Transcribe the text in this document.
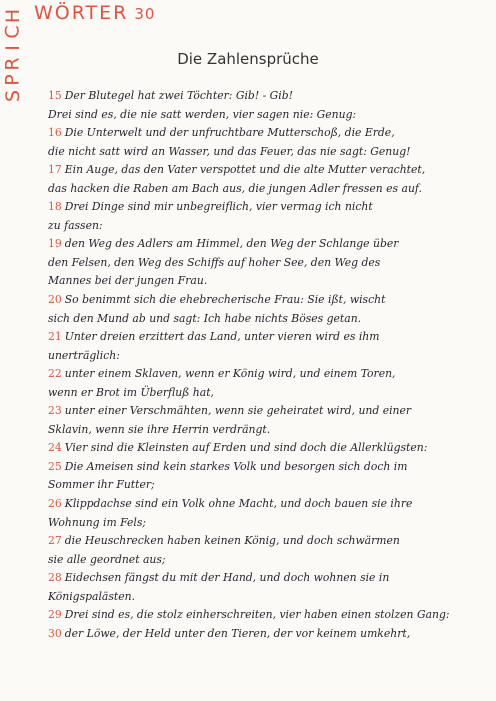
S
P
R
I
C
H WÖRTER 30
Die Zahlensprüche
15 Der Blutegel hat zwei Töchter: Gib! - Gib!
Drei sind es, die nie satt werden, vier sagen nie: Genug:
16 Die Unterwelt und der unfruchtbare Mutterschoß, die Erde,
die nicht satt wird an Wasser, und das Feuer, das nie sagt: Genug!
17 Ein Auge, das den Vater verspottet und die alte Mutter verachtet,
das hacken die Raben am Bach aus, die jungen Adler fressen es auf.
18 Drei Dinge sind mir unbegreiflich, vier vermag ich nicht
zu fassen:
19 den Weg des Adlers am Himmel, den Weg der Schlange über
den Felsen, den Weg des Schiffs auf hoher See, den Weg des
Mannes bei der jungen Frau.
20 So benimmt sich die ehebrecherische Frau: Sie ißt, wischt
sich den Mund ab und sagt: Ich habe nichts Böses getan.
21 Unter dreien erzittert das Land, unter vieren wird es ihm
unerträglich:
22 unter einem Sklaven, wenn er König wird, und einem Toren,
wenn er Brot im Überfluß hat,
23 unter einer Verschmähten, wenn sie geheiratet wird, und einer
Sklavin, wenn sie ihre Herrin verdrängt.
24 Vier sind die Kleinsten auf Erden und sind doch die Allerklügsten:
25 Die Ameisen sind kein starkes Volk und besorgen sich doch im
Sommer ihr Futter;
26 Klippdachse sind ein Volk ohne Macht, und doch bauen sie ihre
Wohnung im Fels;
27 die Heuschrecken haben keinen König, und doch schwärmen
sie alle geordnet aus;
28 Eidechsen fängst du mit der Hand, und doch wohnen sie in
Königspalästen.
29 Drei sind es, die stolz einherschreiten, vier haben einen stolzen Gang:
30 der Löwe, der Held unter den Tieren, der vor keinem umkehrt,
